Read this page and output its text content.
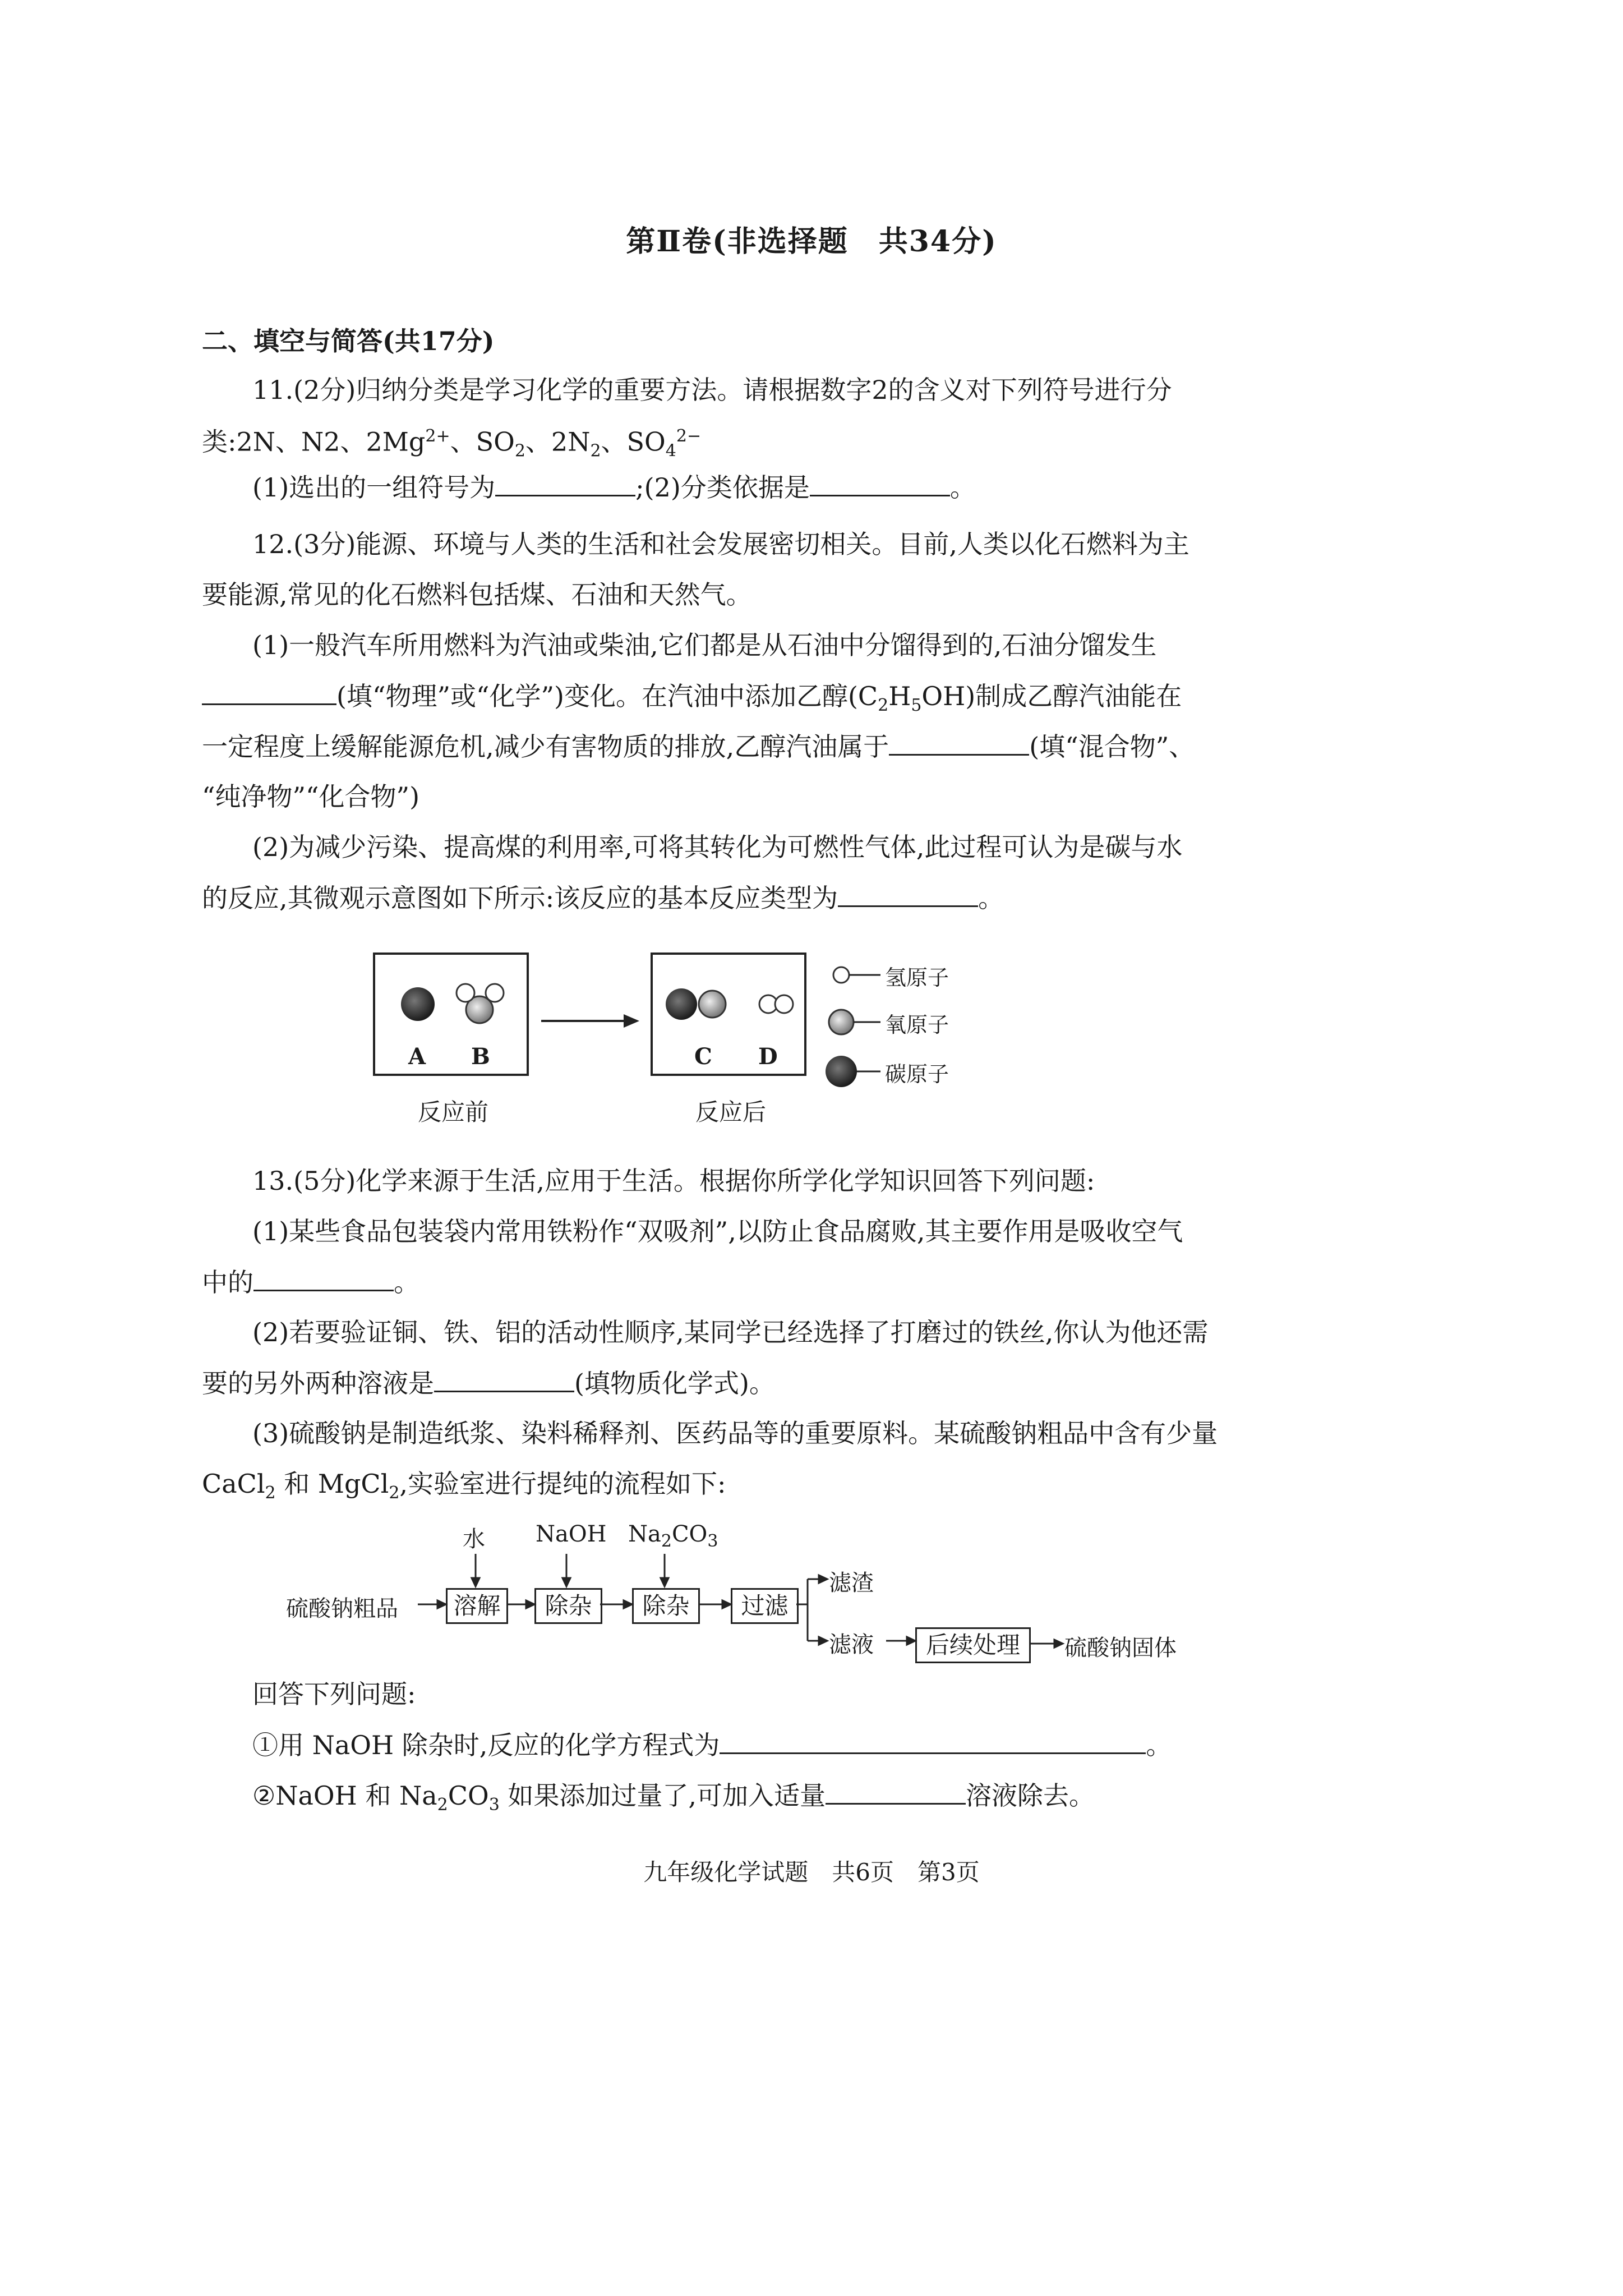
第Ⅱ卷(非选择题　共34分)
二、填空与简答(共17分)
11.(2分)归纳分类是学习化学的重要方法。请根据数字2的含义对下列符号进行分
类:2N、N2、$2Mg^{2+}$、$SO_2$、$2N_2$、$SO_4^{2-}$
(1)选出的一组符号为	;(2)分类依据是	。
12.(3分)能源、环境与人类的生活和社会发展密切相关。目前,人类以化石燃料为主
要能源,常见的化石燃料包括煤、石油和天然气。
(1)一般汽车所用燃料为汽油或柴油,它们都是从石油中分馏得到的,石油分馏发生
(填“物理”或“化学”)变化。在汽油中添加乙醇$(C_2H_5OH)$制成乙醇汽油能在
一定程度上缓解能源危机,减少有害物质的排放,乙醇汽油属于	(填“混合物”、
“纯净物”“化合物”)
(2)为减少污染、提高煤的利用率,可将其转化为可燃性气体,此过程可认为是碳与水
的反应,其微观示意图如下所示:该反应的基本反应类型为	。
A B	C D
反应前	反应后
氢原子
氧原子
碳原子
13.(5分)化学来源于生活,应用于生活。根据你所学化学知识回答下列问题:
(1)某些食品包装袋内常用铁粉作“双吸剂”,以防止食品腐败,其主要作用是吸收空气
中的	。
(2)若要验证铜、铁、铝的活动性顺序,某同学已经选择了打磨过的铁丝,你认为他还需
要的另外两种溶液是	(填物质化学式)。
(3)硫酸钠是制造纸浆、染料稀释剂、医药品等的重要原料。某硫酸钠粗品中含有少量
CaCl$_2$ 和 MgCl$_2$,实验室进行提纯的流程如下:
水 NaOH $Na_2CO_3$
硫酸钠粗品	溶解	除杂	除杂	过滤
滤渣
滤液	后续处理	硫酸钠固体
回答下列问题:
①用 NaOH 除杂时,反应的化学方程式为	。
②NaOH 和 $Na_2CO_3$ 如果添加过量了,可加入适量	溶液除去。
九年级化学试题　共6页　第3页
